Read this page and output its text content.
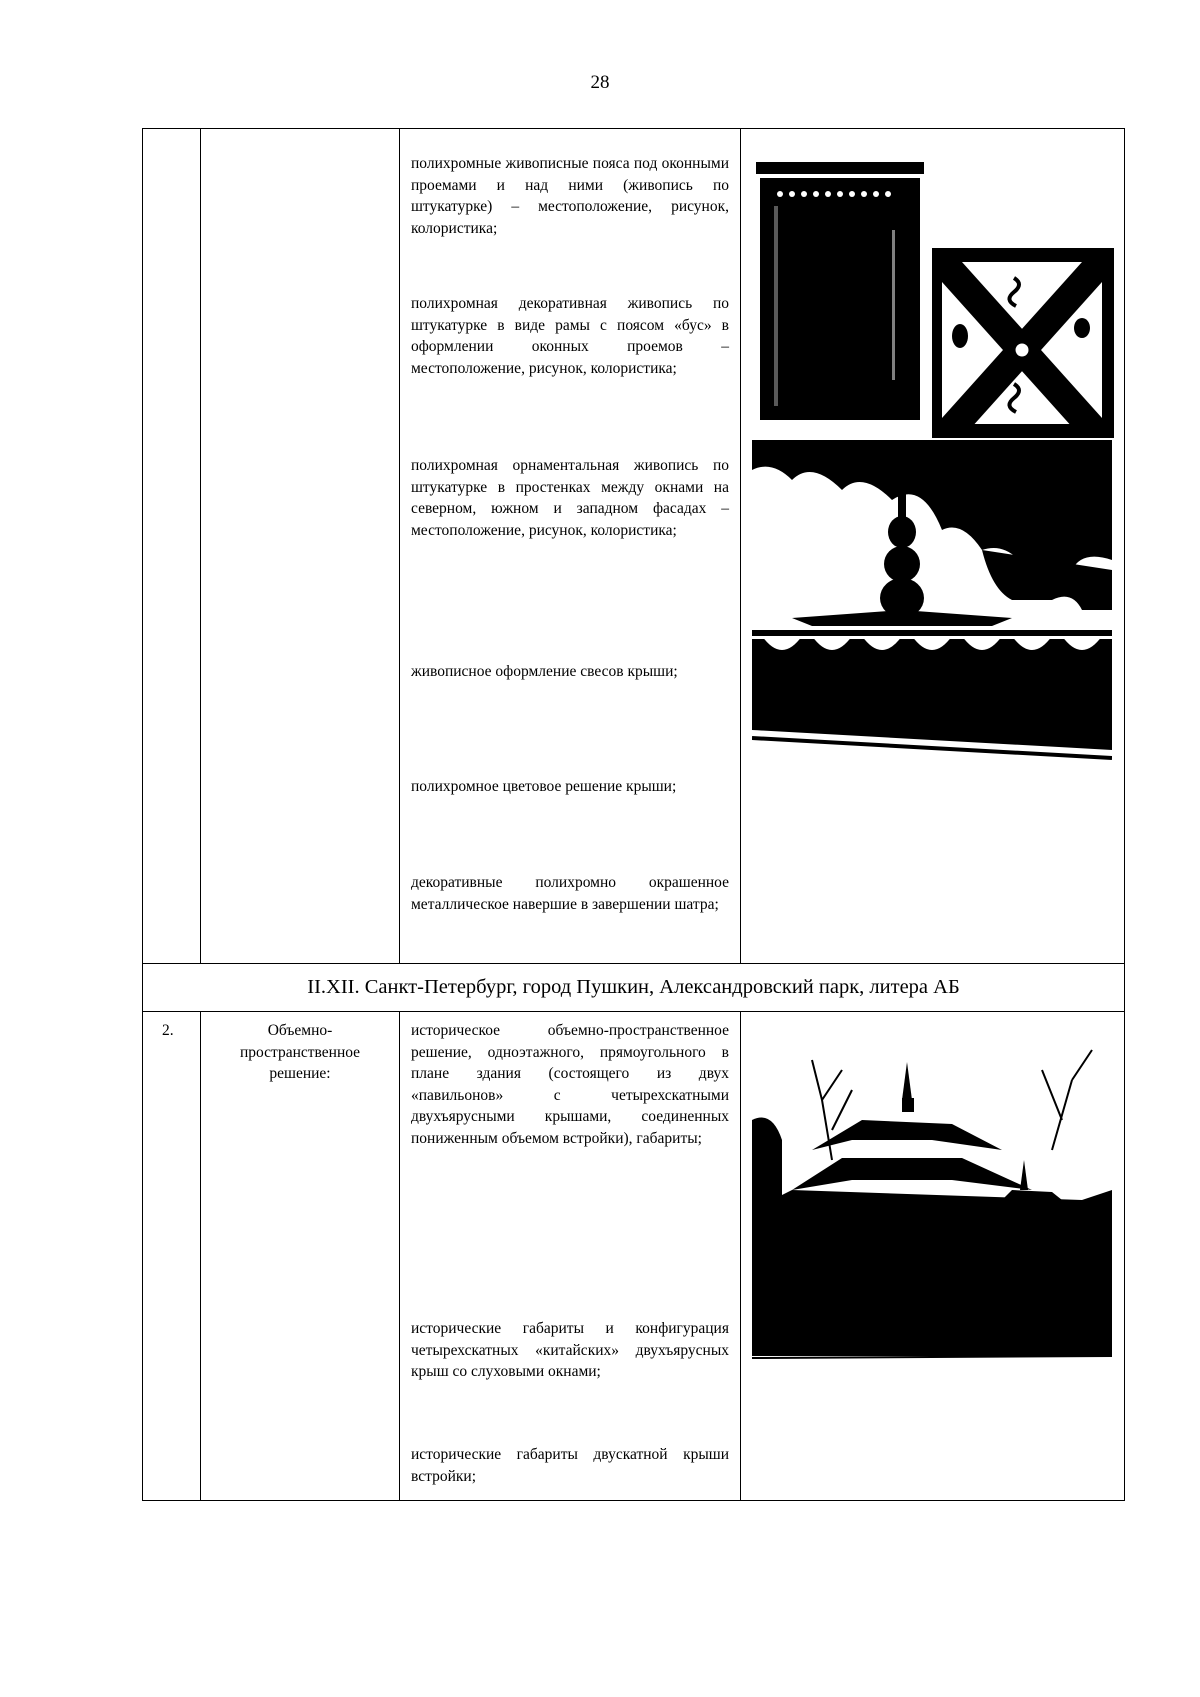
28
полихромные живописные пояса под оконными проемами и над ними (живопись по штукатурке) – местоположение, рисунок, колористика;
полихромная декоративная живопись по штукатурке в виде рамы с поясом «бус» в оформлении оконных проемов – местоположение, рисунок, колористика;
полихромная орнаментальная живопись по штукатурке в простенках между окнами на северном, южном и западном фасадах – местоположение, рисунок, колористика;
живописное оформление свесов крыши;
полихромное цветовое решение крыши;
декоративные полихромно окрашенное металлическое навершие в завершении шатра;
II.XII. Санкт-Петербург, город Пушкин, Александровский парк, литера АБ
2.	Объемно-пространственное решение:
историческое объемно-пространственное решение, одноэтажного, прямоугольного в плане здания (состоящего из двух «павильонов» с четырехскатными двухъярусными крышами, соединенных пониженным объемом встройки), габариты;
исторические габариты и конфигурация четырехскатных «китайских» двухъярусных крыш со слуховыми окнами;
исторические габариты двускатной крыши встройки;
